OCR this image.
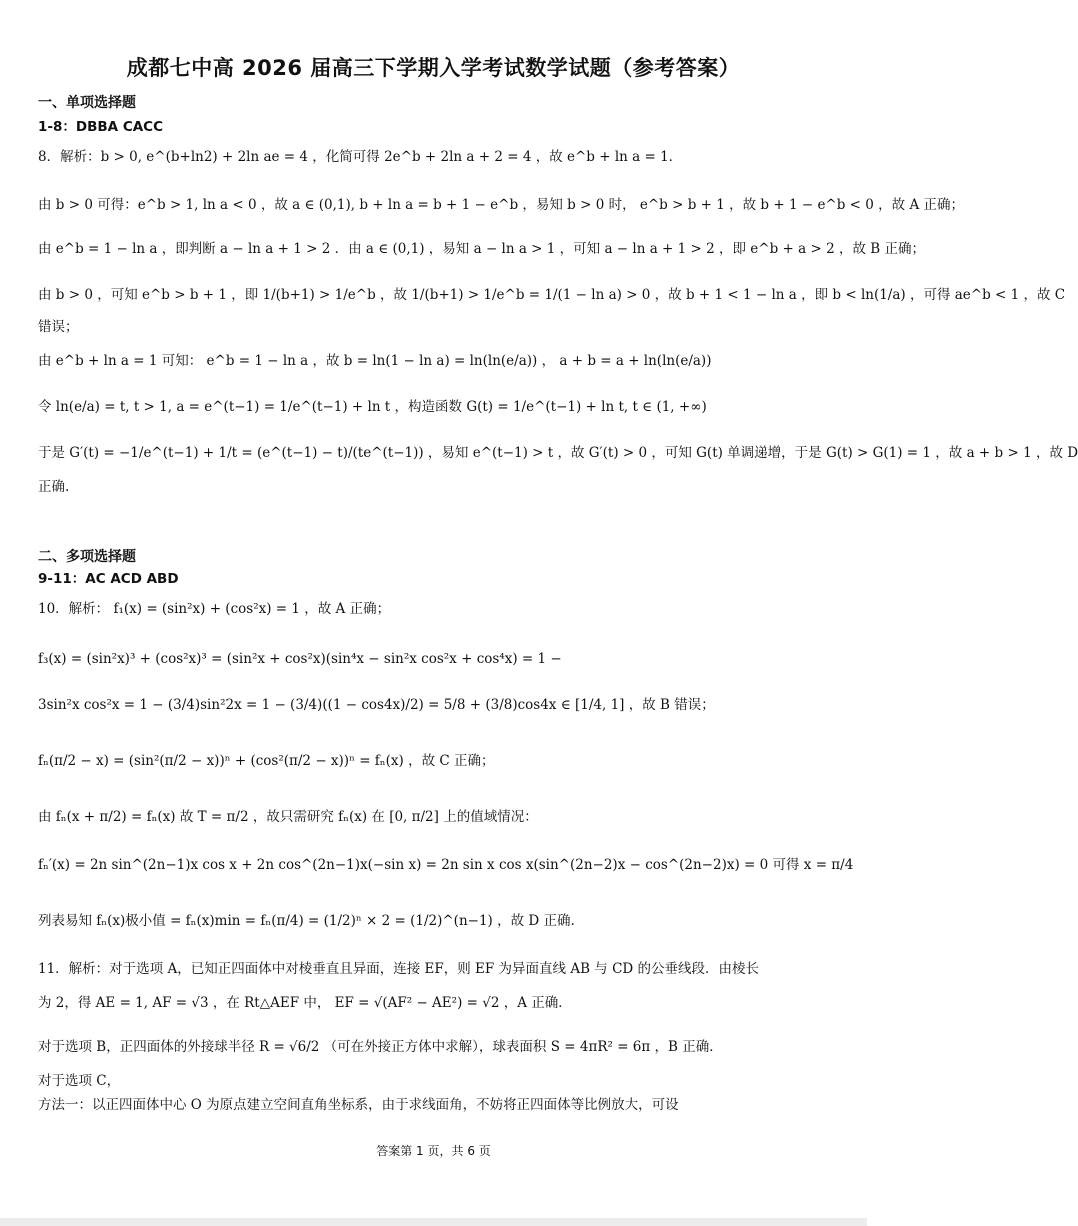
成都七中高 2026 届高三下学期入学考试数学试题（参考答案）
一、单项选择题
二、多项选择题
1-8：DBBA CACC
8．解析：b > 0, e^(b+ln2) + 2ln ae = 4 ，化简可得 2e^b + 2ln a + 2 = 4 ，故 e^b + ln a = 1．
由 b > 0 可得：e^b > 1, ln a < 0 ，故 a ∈ (0,1), b + ln a = b + 1 − e^b ，易知 b > 0 时， e^b > b + 1 ，故 b + 1 − e^b < 0 ，故 A 正确；
由 e^b = 1 − ln a ，即判断 a − ln a + 1 > 2 ．由 a ∈ (0,1) ，易知 a − ln a > 1 ，可知 a − ln a + 1 > 2 ，即 e^b + a > 2 ，故 B 正确；
由 b > 0 ，可知 e^b > b + 1 ，即 1/(b+1) > 1/e^b ，故 1/(b+1) > 1/e^b = 1/(1 − ln a) > 0 ，故 b + 1 < 1 − ln a ，即 b < ln(1/a) ，可得 ae^b < 1 ，故 C
错误；
由 e^b + ln a = 1 可知： e^b = 1 − ln a ，故 b = ln(1 − ln a) = ln(ln(e/a)) ， a + b = a + ln(ln(e/a))
令 ln(e/a) = t, t > 1, a = e^(t−1) = 1/e^(t−1) + ln t ，构造函数 G(t) = 1/e^(t−1) + ln t, t ∈ (1, +∞)
于是 G′(t) = −1/e^(t−1) + 1/t = (e^(t−1) − t)/(te^(t−1)) ，易知 e^(t−1) > t ，故 G′(t) > 0 ，可知 G(t) 单调递增，于是 G(t) > G(1) = 1 ，故 a + b > 1 ，故 D
正确.
9-11：AC ACD ABD
10．解析： f₁(x) = (sin²x) + (cos²x) = 1 ，故 A 正确；
f₃(x) = (sin²x)³ + (cos²x)³ = (sin²x + cos²x)(sin⁴x − sin²x cos²x + cos⁴x) = 1 −
3sin²x cos²x = 1 − (3/4)sin²2x = 1 − (3/4)((1 − cos4x)/2) = 5/8 + (3/8)cos4x ∈ [1/4, 1] ，故 B 错误；
fₙ(π/2 − x) = (sin²(π/2 − x))ⁿ + (cos²(π/2 − x))ⁿ = fₙ(x) ，故 C 正确；
由 fₙ(x + π/2) = fₙ(x) 故 T = π/2 ，故只需研究 fₙ(x) 在 [0, π/2] 上的值域情况：
fₙ′(x) = 2n sin^(2n−1)x cos x + 2n cos^(2n−1)x(−sin x) = 2n sin x cos x(sin^(2n−2)x − cos^(2n−2)x) = 0 可得 x = π/4
列表易知 fₙ(x)极小值 = fₙ(x)min = fₙ(π/4) = (1/2)ⁿ × 2 = (1/2)^(n−1) ，故 D 正确.
11．解析：对于选项 A，已知正四面体中对棱垂直且异面，连接 EF，则 EF 为异面直线 AB 与 CD 的公垂线段．由棱长
为 2，得 AE = 1, AF = √3 ，在 Rt△AEF 中， EF = √(AF² − AE²) = √2 ，A 正确．
对于选项 B，正四面体的外接球半径 R = √6/2 （可在外接正方体中求解），球表面积 S = 4πR² = 6π ，B 正确．
对于选项 C，
方法一：以正四面体中心 O 为原点建立空间直角坐标系，由于求线面角，不妨将正四面体等比例放大，可设
答案第 1 页，共 6 页
